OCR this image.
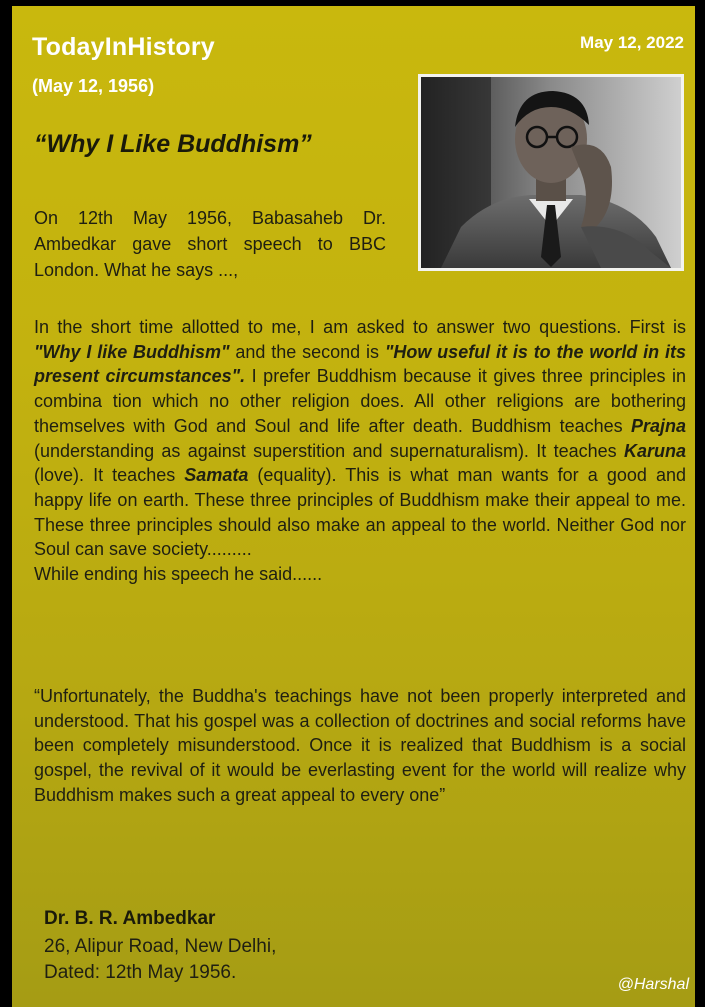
TodayInHistory
(May 12, 1956)
May 12, 2022
“Why I Like Buddhism”
On 12th May 1956, Babasaheb Dr. Ambedkar gave short speech to BBC London. What he says ...,
In the short time allotted to me, I am asked to answer two questions. First is "Why I like Buddhism" and the second is "How useful it is to the world in its present circumstances". I prefer Buddhism because it gives three principles in combina tion which no other religion does. All other religions are bothering themselves with God and Soul and life after death. Buddhism teaches Prajna (understanding as against superstition and supernaturalism). It teaches Karuna (love). It teaches Samata (equality). This is what man wants for a good and happy life on earth. These three principles of Buddhism make their appeal to me. These three principles should also make an appeal to the world. Neither God nor Soul can save society.........
While ending his speech he said......
“Unfortunately, the Buddha's teachings have not been properly interpreted and understood. That his gospel was a collection of doctrines and social reforms have been completely misunderstood. Once it is realized that Buddhism is a social gospel, the revival of it would be everlasting event for the world will realize why Buddhism makes such a great appeal to every one”
Dr. B. R. Ambedkar
26, Alipur Road, New Delhi,
Dated: 12th May 1956.
@Harshal
